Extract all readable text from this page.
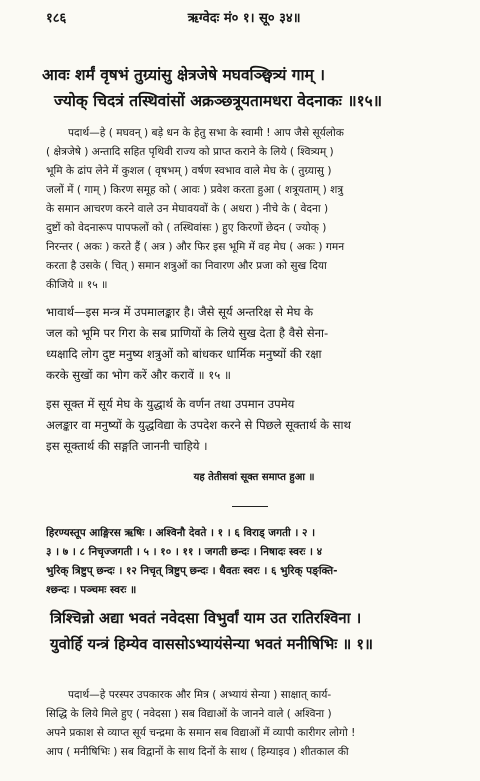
१८६	ऋग्वेदः मं० १। सू० ३४॥
आवः शर्मं वृषभं तुग्र्यांसु क्षेत्रजेषे मघवञ्छ्वित्र्यं गाम् ।
ज्योक् चिदत्रं तस्थिवांसों अक्रञ्छत्रूयतामधरा वेदनाकः ॥१५॥
पदार्थ—हे ( मघवन् ) बड़े धन के हेतु सभा के स्वामी ! आप जैसे सूर्यलोक
( क्षेत्रजेषे ) अन्तादि सहित पृथिवी राज्य को प्राप्त कराने के लिये ( श्वित्र्यम् )
भूमि के ढांप लेने में कुशल ( वृषभम् ) वर्षण स्वभाव वाले मेघ के ( तुग्र्यासु )
जलों में ( गाम् ) किरण समूह को ( आवः ) प्रवेश करता हुआ ( शत्रूयताम् ) शत्रु
के समान आचरण करने वाले उन मेघावयवों के ( अधरा ) नीचे के ( वेदना )
दुष्टों को वेदनारूप पापफलों को ( तस्थिवांसः ) हुए किरणों छेदन ( ज्योक् )
निरन्तर ( अकः ) करते हैं ( अत्र ) और फिर इस भूमि में वह मेघ ( अकः ) गमन
करता है उसके ( चित् ) समान शत्रुओं का निवारण और प्रजा को सुख दिया
कीजिये ॥ १५ ॥
भावार्थ—इस मन्त्र में उपमालङ्कार है। जैसे सूर्य अन्तरिक्ष से मेघ के
जल को भूमि पर गिरा के सब प्राणियों के लिये सुख देता है वैसे सेना-
ध्यक्षादि लोग दुष्ट मनुष्य शत्रुओं को बांधकर धार्मिक मनुष्यों की रक्षा
करके सुखों का भोग करें और करावें ॥ १५ ॥
इस सूक्त में सूर्य मेघ के युद्धार्थ के वर्णन तथा उपमान उपमेय
अलङ्कार वा मनुष्यों के युद्धविद्या के उपदेश करने से पिछले सूक्तार्थ के साथ
इस सूक्तार्थ की सङ्गति जाननी चाहिये ।
यह तेतीसवां सूक्त समाप्त हुआ ॥
हिरण्यस्तूप आङ्गिरस ऋषिः । अश्विनौ देवते । १ । ६ विराड् जगती । २ ।
३ । ७ । ८ निचृज्जगती । ५ । १० । ११ । जगती छन्दः । निषादः स्वरः । ४
भुरिक् त्रिष्टुप् छन्दः । १२ निचृत् त्रिष्टुप् छन्दः । धैवतः स्वरः । ६ भुरिक् पङ्क्ति-
श्छन्दः । पञ्चमः स्वरः ॥
त्रिश्चिन्नो अद्या भवतं नवेदसा विभुर्वां याम उत रातिरश्विना ।
युवोर्हि यन्त्रं हिम्येव वाससोऽभ्यायंसेन्या भवतं मनीषिभिः ॥ १॥
पदार्थ—हे परस्पर उपकारक और मित्र ( अभ्यायं सेन्या ) साक्षात् कार्य-
सिद्धि के लिये मिले हुए ( नवेदसा ) सब विद्याओं के जानने वाले ( अश्विना )
अपने प्रकाश से व्याप्त सूर्य चन्द्रमा के समान सब विद्याओं में व्यापी कारीगर लोगो !
आप ( मनीषिभिः ) सब विद्वानों के साथ दिनों के साथ ( हिम्याइव ) शीतकाल की
